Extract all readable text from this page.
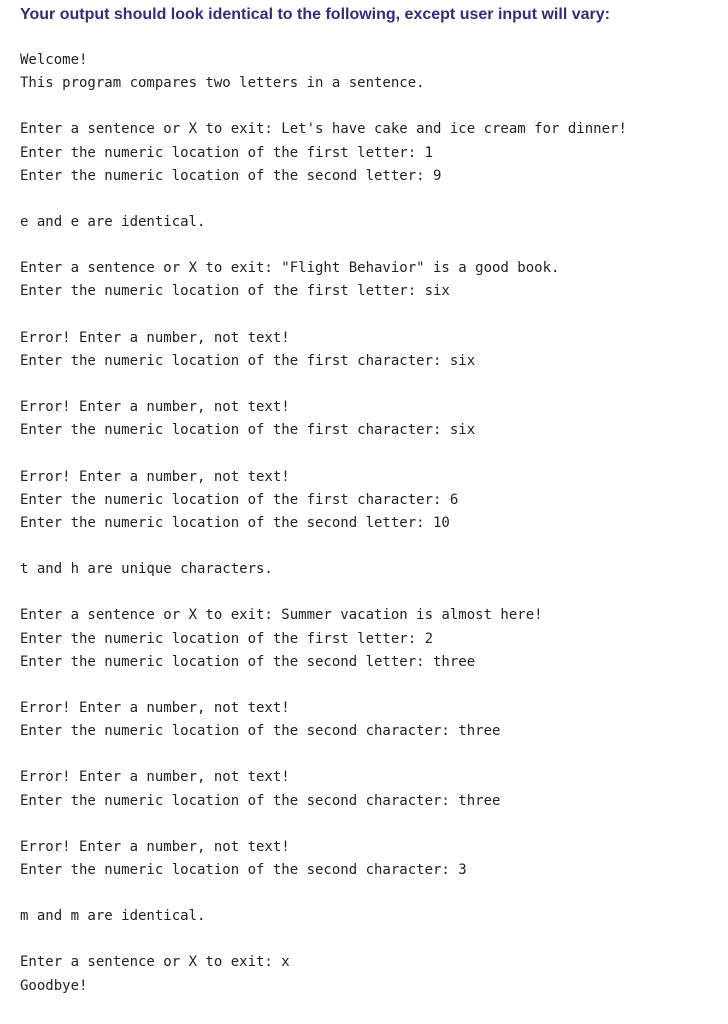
Your output should look identical to the following, except user input will vary:
Welcome!
This program compares two letters in a sentence.
Enter a sentence or X to exit: Let's have cake and ice cream for dinner!
Enter the numeric location of the first letter: 1
Enter the numeric location of the second letter: 9
e and e are identical.
Enter a sentence or X to exit: "Flight Behavior" is a good book.
Enter the numeric location of the first letter: six
Error! Enter a number, not text!
Enter the numeric location of the first character: six
Error! Enter a number, not text!
Enter the numeric location of the first character: six
Error! Enter a number, not text!
Enter the numeric location of the first character: 6
Enter the numeric location of the second letter: 10
t and h are unique characters.
Enter a sentence or X to exit: Summer vacation is almost here!
Enter the numeric location of the first letter: 2
Enter the numeric location of the second letter: three
Error! Enter a number, not text!
Enter the numeric location of the second character: three
Error! Enter a number, not text!
Enter the numeric location of the second character: three
Error! Enter a number, not text!
Enter the numeric location of the second character: 3
m and m are identical.
Enter a sentence or X to exit: x
Goodbye!
